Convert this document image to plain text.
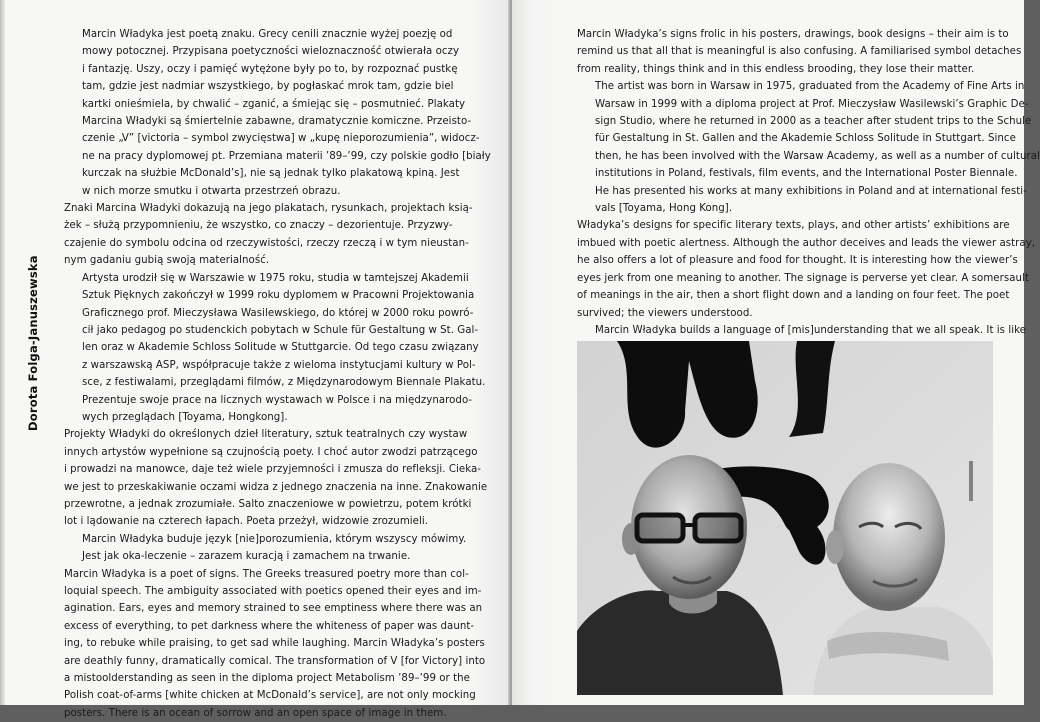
Dorota Folga-Januszewska

Marcin Władyka jest poetą znaku. Grecy cenili znacznie wyżej poezję od
mowy potocznej. Przypisana poetyczności wieloznaczność otwierała oczy
i fantazję. Uszy, oczy i pamięć wytężone były po to, by rozpoznać pustkę
tam, gdzie jest nadmiar wszystkiego, by pogłaskać mrok tam, gdzie biel
kartki onieśmiela, by chwalić – zganić, a śmiejąc się – posmutnieć. Plakaty
Marcina Władyki są śmiertelnie zabawne, dramatycznie komiczne. Przeisto-
czenie „V” [victoria – symbol zwycięstwa] w „kupę nieporozumienia”, widocz-
ne na pracy dyplomowej pt. Przemiana materii ’89–’99, czy polskie godło [biały
kurczak na służbie McDonald’s], nie są jednak tylko plakatową kpiną. Jest
w nich morze smutku i otwarta przestrzeń obrazu.

Znaki Marcina Władyki dokazują na jego plakatach, rysunkach, projektach ksią-
żek – służą przypomnieniu, że wszystko, co znaczy – dezorientuje. Przyzwy-
czajenie do symbolu odcina od rzeczywistości, rzeczy rzeczą i w tym nieustan-
nym gadaniu gubią swoją materialność.

Artysta urodził się w Warszawie w 1975 roku, studia w tamtejszej Akademii
Sztuk Pięknych zakończył w 1999 roku dyplomem w Pracowni Projektowania
Graficznego prof. Mieczysława Wasilewskiego, do której w 2000 roku powró-
cił jako pedagog po studenckich pobytach w Schule für Gestaltung w St. Gal-
len oraz w Akademie Schloss Solitude w Stuttgarcie. Od tego czasu związany
z warszawską ASP, współpracuje także z wieloma instytucjami kultury w Pol-
sce, z festiwalami, przeglądami filmów, z Międzynarodowym Biennale Plakatu.
Prezentuje swoje prace na licznych wystawach w Polsce i na międzynarodo-
wych przeglądach [Toyama, Hongkong].

Projekty Władyki do określonych dzieł literatury, sztuk teatralnych czy wystaw
innych artystów wypełnione są czujnością poety. I choć autor zwodzi patrzącego
i prowadzi na manowce, daje też wiele przyjemności i zmusza do refleksji. Cieka-
we jest to przeskakiwanie oczami widza z jednego znaczenia na inne. Znakowanie
przewrotne, a jednak zrozumiałe. Salto znaczeniowe w powietrzu, potem krótki
lot i lądowanie na czterech łapach. Poeta przeżył, widzowie zrozumieli.

Marcin Władyka buduje język [nie]porozumienia, którym wszyscy mówimy.
Jest jak oka-leczenie – zarazem kuracją i zamachem na trwanie.

Marcin Władyka is a poet of signs. The Greeks treasured poetry more than col-
loquial speech. The ambiguity associated with poetics opened their eyes and im-
agination. Ears, eyes and memory strained to see emptiness where there was an
excess of everything, to pet darkness where the whiteness of paper was daunt-
ing, to rebuke while praising, to get sad while laughing. Marcin Władyka’s posters
are deathly funny, dramatically comical. The transformation of V [for Victory] into
a mistoolderstanding as seen in the diploma project Metabolism ’89–’99 or the
Polish coat-of-arms [white chicken at McDonald’s service], are not only mocking
posters. There is an ocean of sorrow and an open space of image in them.

Marcin Władyka’s signs frolic in his posters, drawings, book designs – their aim is to
remind us that all that is meaningful is also confusing. A familiarised symbol detaches
from reality, things think and in this endless brooding, they lose their matter.

The artist was born in Warsaw in 1975, graduated from the Academy of Fine Arts in
Warsaw in 1999 with a diploma project at Prof. Mieczysław Wasilewski’s Graphic De-
sign Studio, where he returned in 2000 as a teacher after student trips to the Schule
für Gestaltung in St. Gallen and the Akademie Schloss Solitude in Stuttgart. Since
then, he has been involved with the Warsaw Academy, as well as a number of cultural
institutions in Poland, festivals, film events, and the International Poster Biennale.
He has presented his works at many exhibitions in Poland and at international festi-
vals [Toyama, Hong Kong].

Władyka’s designs for specific literary texts, plays, and other artists’ exhibitions are
imbued with poetic alertness. Although the author deceives and leads the viewer astray,
he also offers a lot of pleasure and food for thought. It is interesting how the viewer’s
eyes jerk from one meaning to another. The signage is perverse yet clear. A somersault
of meanings in the air, then a short flight down and a landing on four feet. The poet
survived; the viewers understood.

Marcin Władyka builds a language of [mis]understanding that we all speak. It is like
